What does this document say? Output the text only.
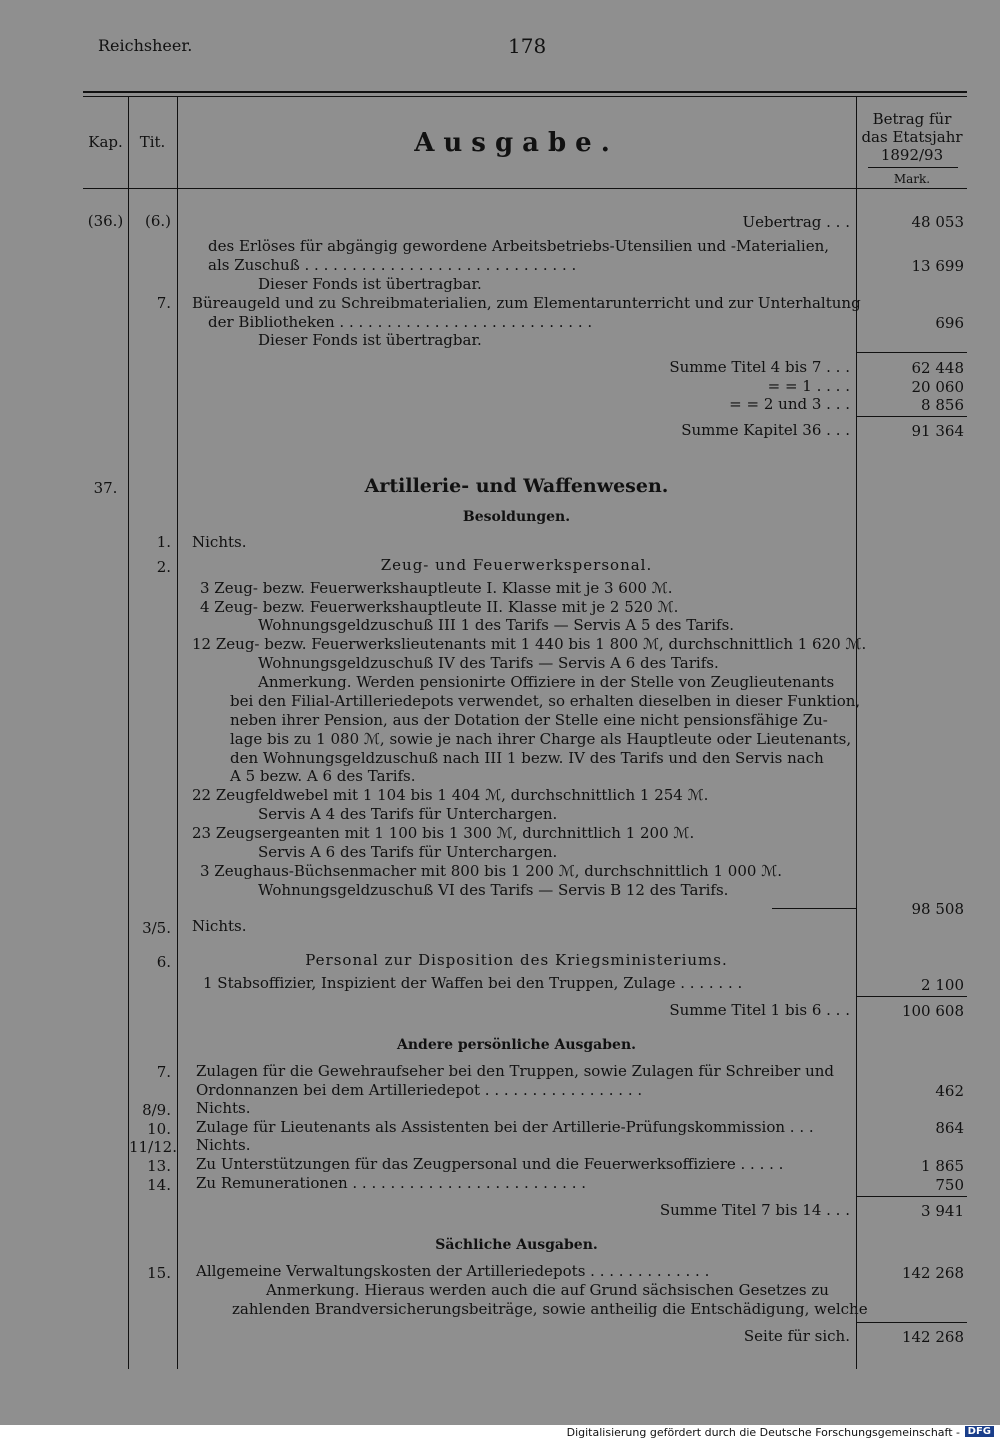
Reichsheer.	178
Kap.	Tit.	Ausgabe.
Betrag für
das Etatsjahr
1892/93
Mark.
(36.)	(6.)	Uebertrag . . .	48 053
des Erlöses für abgängig gewordene Arbeitsbetriebs-Utensilien und -Materialien,
als Zuschuß . . . . . . . . . . . . . . . . . . . . . . . . . . . . .	13 699
Dieser Fonds ist übertragbar.
7. Büreaugeld und zu Schreibmaterialien, zum Elementarunterricht und zur Unterhaltung
der Bibliotheken . . . . . . . . . . . . . . . . . . . . . . . . . . .	696
Dieser Fonds ist übertragbar.
Summe Titel 4 bis 7 . . .	62 448
= = 1 . . . .	20 060
= = 2 und 3 . . .	8 856
Summe Kapitel 36 . . .	91 364
37.	Artillerie- und Waffenwesen.
Besoldungen.
1. Nichts.
2.	Zeug- und Feuerwerkspersonal.
3 Zeug- bezw. Feuerwerkshauptleute I. Klasse mit je 3 600 ℳ.
4 Zeug- bezw. Feuerwerkshauptleute II. Klasse mit je 2 520 ℳ.
Wohnungsgeldzuschuß III 1 des Tarifs — Servis A 5 des Tarifs.
12 Zeug- bezw. Feuerwerkslieutenants mit 1 440 bis 1 800 ℳ, durchschnittlich 1 620 ℳ.
Wohnungsgeldzuschuß IV des Tarifs — Servis A 6 des Tarifs.
Anmerkung. Werden pensionirte Offiziere in der Stelle von Zeuglieutenants
bei den Filial-Artilleriedepots verwendet, so erhalten dieselben in dieser Funktion,
neben ihrer Pension, aus der Dotation der Stelle eine nicht pensionsfähige Zu-
lage bis zu 1 080 ℳ, sowie je nach ihrer Charge als Hauptleute oder Lieutenants,
den Wohnungsgeldzuschuß nach III 1 bezw. IV des Tarifs und den Servis nach
A 5 bezw. A 6 des Tarifs.
22 Zeugfeldwebel mit 1 104 bis 1 404 ℳ, durchschnittlich 1 254 ℳ.
Servis A 4 des Tarifs für Unterchargen.
23 Zeugsergeanten mit 1 100 bis 1 300 ℳ, durchnittlich 1 200 ℳ.
Servis A 6 des Tarifs für Unterchargen.
3 Zeughaus-Büchsenmacher mit 800 bis 1 200 ℳ, durchschnittlich 1 000 ℳ.
Wohnungsgeldzuschuß VI des Tarifs — Servis B 12 des Tarifs.
98 508
3/5. Nichts.
6.	Personal zur Disposition des Kriegsministeriums.
1 Stabsoffizier, Inspizient der Waffen bei den Truppen, Zulage . . . . . . .	2 100
Summe Titel 1 bis 6 . . .	100 608
Andere persönliche Ausgaben.
7. Zulagen für die Gewehraufseher bei den Truppen, sowie Zulagen für Schreiber und
Ordonnanzen bei dem Artilleriedepot . . . . . . . . . . . . . . . . .	462
8/9. Nichts.
10. Zulage für Lieutenants als Assistenten bei der Artillerie-Prüfungskommission . . .	864
11/12. Nichts.
13. Zu Unterstützungen für das Zeugpersonal und die Feuerwerksoffiziere . . . . .	1 865
14. Zu Remunerationen . . . . . . . . . . . . . . . . . . . . . . . . .	750
Summe Titel 7 bis 14 . . .	3 941
Sächliche Ausgaben.
15. Allgemeine Verwaltungskosten der Artilleriedepots . . . . . . . . . . . . .	142 268
Anmerkung. Hieraus werden auch die auf Grund sächsischen Gesetzes zu
zahlenden Brandversicherungsbeiträge, sowie antheilig die Entschädigung, welche
Seite für sich.	142 268
Digitalisierung gefördert durch die Deutsche Forschungsgemeinschaft - DFG
